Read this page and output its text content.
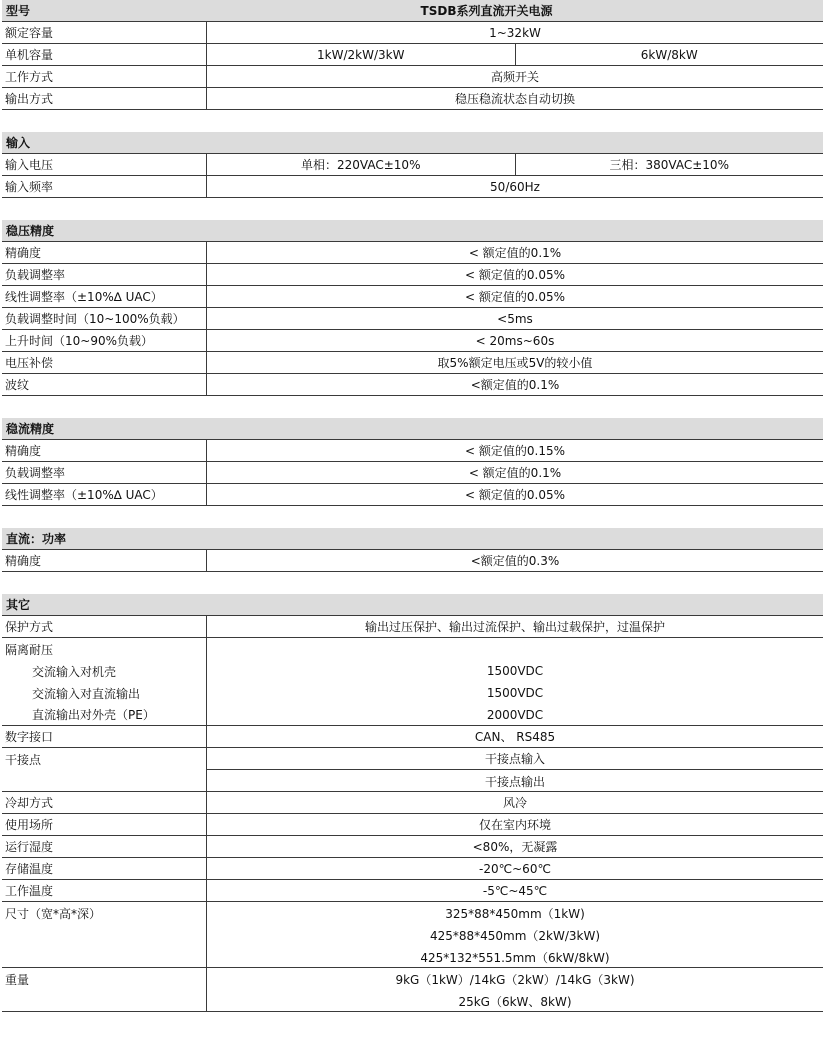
型号	TSDB系列直流开关电源
额定容量	1~32kW
单机容量	1kW/2kW/3kW	6kW/8kW
工作方式	高频开关
输出方式	稳压稳流状态自动切换
输入
输入电压	单相：220VAC±10%	三相：380VAC±10%
输入频率	50/60Hz
稳压精度
精确度	< 额定值的0.1%
负载调整率	< 额定值的0.05%
线性调整率（±10%∆ UAC）	< 额定值的0.05%
负载调整时间（10~100%负载）	<5ms
上升时间（10~90%负载）	< 20ms~60s
电压补偿	取5%额定电压或5V的较小值
波纹	<额定值的0.1%
稳流精度
精确度	< 额定值的0.15%
负载调整率	< 额定值的0.1%
线性调整率（±10%∆ UAC）	< 额定值的0.05%
直流：功率
精确度	<额定值的0.3%
其它
保护方式	输出过压保护、输出过流保护、输出过载保护，过温保护
隔离耐压
交流输入对机壳	1500VDC
交流输入对直流输出	1500VDC
直流输出对外壳（PE）	2000VDC
数字接口	CAN、 RS485
干接点	干接点输入
干接点输出
冷却方式	风冷
使用场所	仅在室内环境
运行湿度	<80%，无凝露
存储温度	-20℃~60℃
工作温度	-5℃~45℃
尺寸（宽*高*深）	325*88*450mm（1kW)
425*88*450mm（2kW/3kW)
425*132*551.5mm（6kW/8kW)
重量	9kG（1kW）/14kG（2kW）/14kG（3kW)
25kG（6kW、8kW)
